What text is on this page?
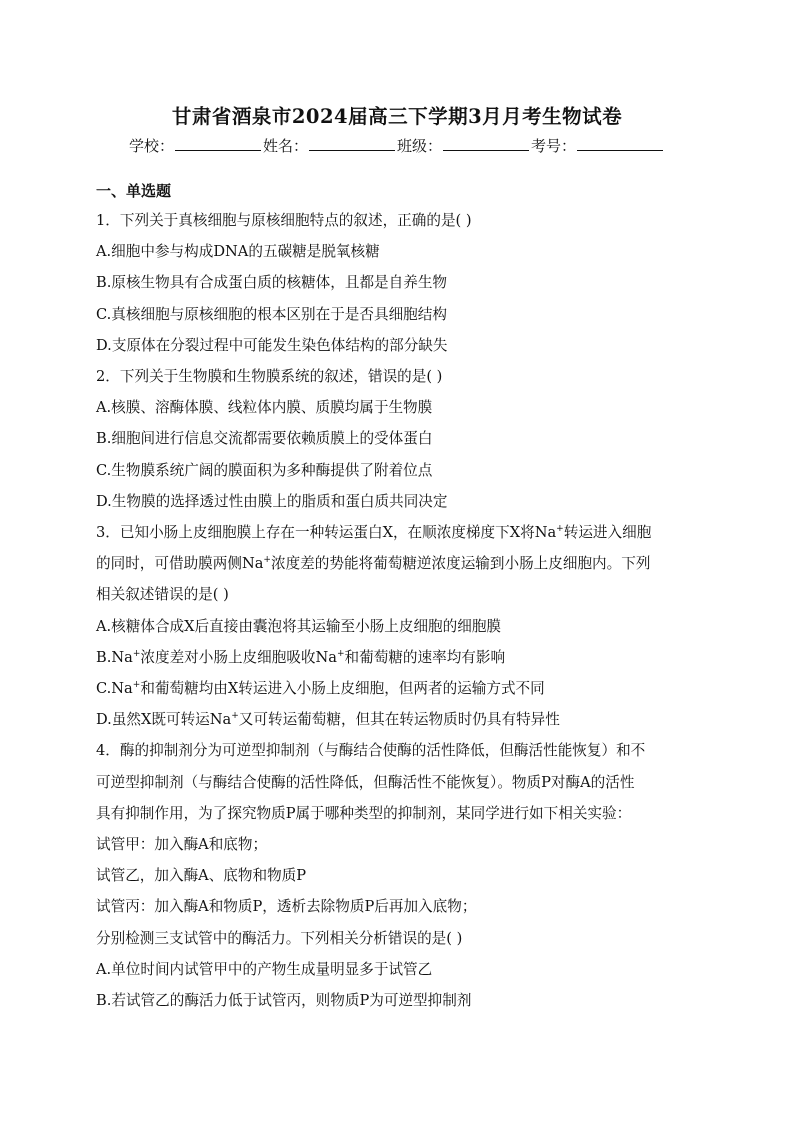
甘肃省酒泉市2024届高三下学期3月月考生物试卷
学校：	姓名：	班级：	考号：
一、单选题
1．下列关于真核细胞与原核细胞特点的叙述，正确的是( )
A.细胞中参与构成DNA的五碳糖是脱氧核糖
B.原核生物具有合成蛋白质的核糖体，且都是自养生物
C.真核细胞与原核细胞的根本区别在于是否具细胞结构
D.支原体在分裂过程中可能发生染色体结构的部分缺失
2．下列关于生物膜和生物膜系统的叙述，错误的是( )
A.核膜、溶酶体膜、线粒体内膜、质膜均属于生物膜
B.细胞间进行信息交流都需要依赖质膜上的受体蛋白
C.生物膜系统广阔的膜面积为多种酶提供了附着位点
D.生物膜的选择透过性由膜上的脂质和蛋白质共同决定
3．已知小肠上皮细胞膜上存在一种转运蛋白X，在顺浓度梯度下X将Na+转运进入细胞
的同时，可借助膜两侧Na+浓度差的势能将葡萄糖逆浓度运输到小肠上皮细胞内。下列
相关叙述错误的是( )
A.核糖体合成X后直接由囊泡将其运输至小肠上皮细胞的细胞膜
B.Na+浓度差对小肠上皮细胞吸收Na+和葡萄糖的速率均有影响
C.Na+和葡萄糖均由X转运进入小肠上皮细胞，但两者的运输方式不同
D.虽然X既可转运Na+又可转运葡萄糖，但其在转运物质时仍具有特异性
4．酶的抑制剂分为可逆型抑制剂（与酶结合使酶的活性降低，但酶活性能恢复）和不
可逆型抑制剂（与酶结合使酶的活性降低，但酶活性不能恢复）。物质P对酶A的活性
具有抑制作用，为了探究物质P属于哪种类型的抑制剂，某同学进行如下相关实验：
试管甲：加入酶A和底物；
试管乙，加入酶A、底物和物质P
试管丙：加入酶A和物质P，透析去除物质P后再加入底物；
分别检测三支试管中的酶活力。下列相关分析错误的是( )
A.单位时间内试管甲中的产物生成量明显多于试管乙
B.若试管乙的酶活力低于试管丙，则物质P为可逆型抑制剂
